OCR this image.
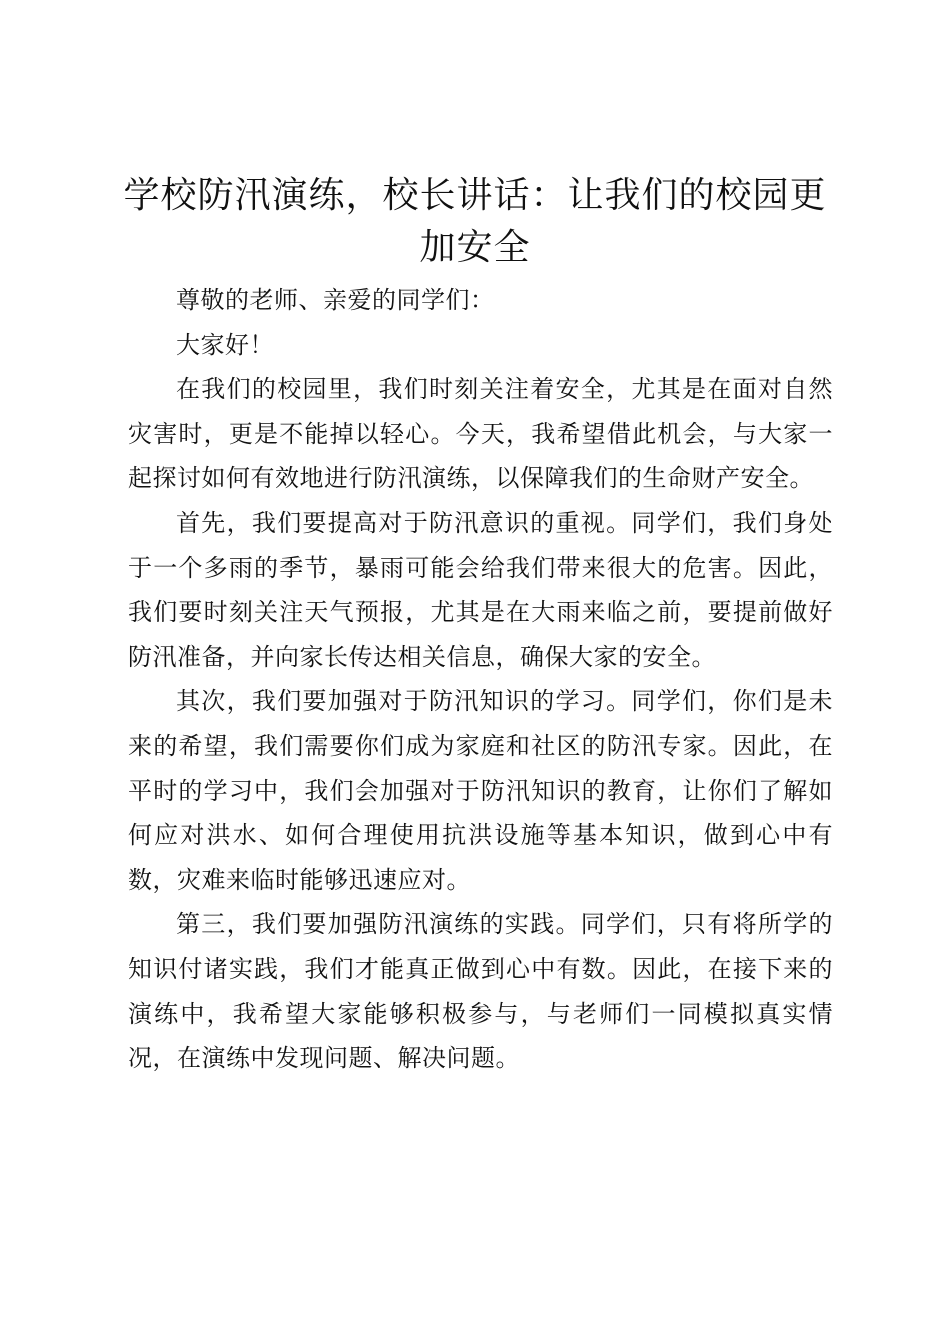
学校防汛演练，校长讲话：让我们的校园更加安全

尊敬的老师、亲爱的同学们：

大家好！

在我们的校园里，我们时刻关注着安全，尤其是在面对自然灾害时，更是不能掉以轻心。今天，我希望借此机会，与大家一起探讨如何有效地进行防汛演练，以保障我们的生命财产安全。

首先，我们要提高对于防汛意识的重视。同学们，我们身处于一个多雨的季节，暴雨可能会给我们带来很大的危害。因此，我们要时刻关注天气预报，尤其是在大雨来临之前，要提前做好防汛准备，并向家长传达相关信息，确保大家的安全。

其次，我们要加强对于防汛知识的学习。同学们，你们是未来的希望，我们需要你们成为家庭和社区的防汛专家。因此，在平时的学习中，我们会加强对于防汛知识的教育，让你们了解如何应对洪水、如何合理使用抗洪设施等基本知识，做到心中有数，灾难来临时能够迅速应对。

第三，我们要加强防汛演练的实践。同学们，只有将所学的知识付诸实践，我们才能真正做到心中有数。因此，在接下来的演练中，我希望大家能够积极参与，与老师们一同模拟真实情况，在演练中发现问题、解决问题。
